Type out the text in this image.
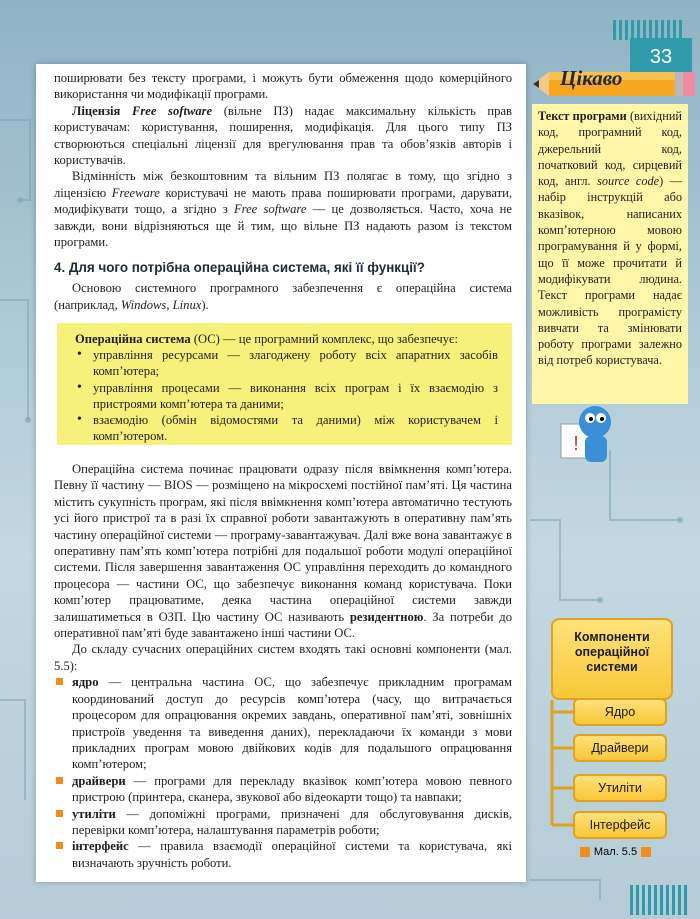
33

поширювати без тексту програми, і можуть бути обмеження щодо комерційного використання чи модифікації програми.

Ліцензія Free software (вільне ПЗ) надає максимальну кількість прав користувачам: користування, поширення, модифікація. Для цього типу ПЗ створюються спеціальні ліцензії для врегулювання прав та обов’язків авторів і користувачів.

Відмінність між безкоштовним та вільним ПЗ полягає в тому, що згідно з ліцензією Freeware користувачі не мають права поширювати програми, дарувати, модифікувати тощо, а згідно з Free software — це дозволяється. Часто, хоча не завжди, вони відрізняються ще й тим, що вільне ПЗ надають разом із текстом програми.

4. Для чого потрібна операційна система, які її функції?

Основою системного програмного забезпечення є операційна система (наприклад, Windows, Linux).

Операційна система (ОС) — це програмний комплекс, що забезпечує:
• управління ресурсами — злагоджену роботу всіх апаратних засобів комп’ютера;
• управління процесами — виконання всіх програм і їх взаємодію з пристроями комп’ютера та даними;
• взаємодію (обмін відомостями та даними) між користувачем і комп’ютером.

Операційна система починає працювати одразу після ввімкнення комп’ютера. Певну її частину — BIOS — розміщено на мікросхемі постійної пам’яті. Ця частина містить сукупність програм, які після ввімкнення комп’ютера автоматично тестують усі його пристрої та в разі їх справної роботи завантажують в оперативну пам’ять частину операційної системи — програму-завантажувач. Далі вже вона завантажує в оперативну пам’ять комп’ютера потрібні для подальшої роботи модулі операційної системи. Після завершення завантаження ОС управління переходить до командного процесора — частини ОС, що забезпечує виконання команд користувача. Поки комп’ютер працюватиме, деяка частина операційної системи завжди залишатиметься в ОЗП. Цю частину ОС називають резидентною. За потреби до оперативної пам’яті буде завантажено інші частини ОС.

До складу сучасних операційних систем входять такі основні компоненти (мал. 5.5):

ядро — центральна частина ОС, що забезпечує прикладним програмам координований доступ до ресурсів комп’ютера (часу, що витрачається процесором для опрацювання окремих завдань, оперативної пам’яті, зовнішніх пристроїв уведення та виведення даних), перекладаючи їх команди з мови прикладних програм мовою двійкових кодів для подальшого опрацювання комп’ютером;
драйвери — програми для перекладу вказівок комп’ютера мовою певного пристрою (принтера, сканера, звукової або відеокарти тощо) та навпаки;
утиліти — допоміжні програми, призначені для обслуговування дисків, перевірки комп’ютера, налаштування параметрів роботи;
інтерфейс — правила взаємодії операційної системи та користувача, які визначають зручність роботи.
Цікаво
Текст програми (вихідний код, програмний код, джерельний код, початковий код, сирцевий код, англ. source code) — набір інструкцій або вказівок, написаних комп’ютерною мовою програмування й у формі, що її може прочитати й модифікувати людина. Текст програми надає можливість програмісту вивчати та змінювати роботу програми залежно від потреб користувача.
!
Компоненти операційної системи
Ядро
Драйвери
Утиліти
Інтерфейс
Мал. 5.5
